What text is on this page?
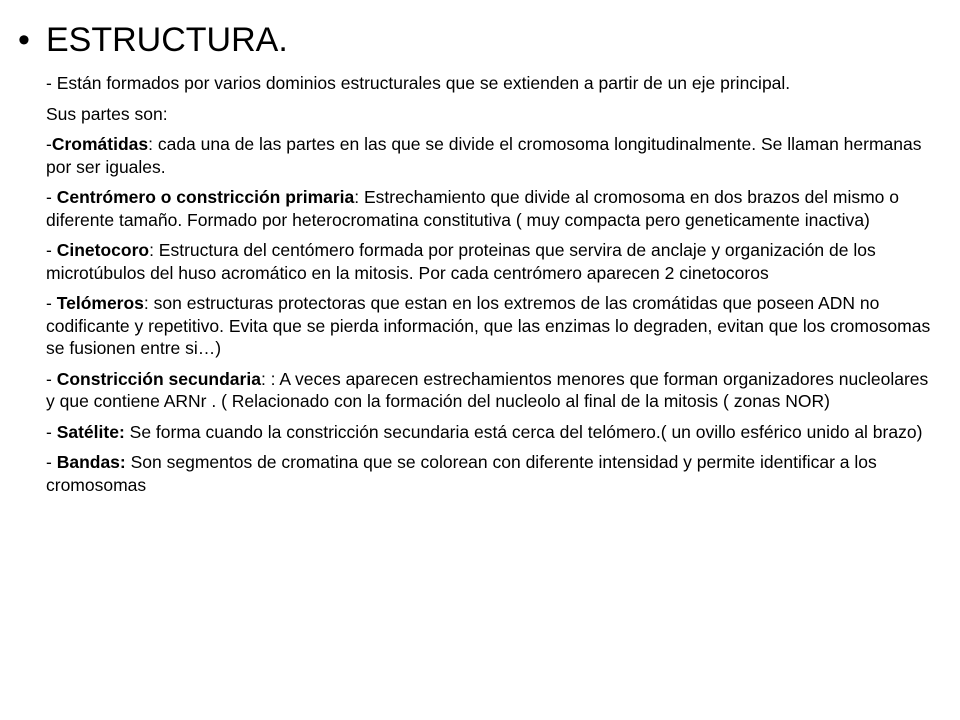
• ESTRUCTURA.

- Están formados por varios dominios estructurales que se extienden a partir de un eje principal.

Sus partes son:

-Cromátidas: cada una de las partes en las que se divide el cromosoma longitudinalmente. Se llaman hermanas por ser iguales.

- Centrómero o constricción primaria: Estrechamiento que divide al cromosoma en dos brazos del mismo o diferente tamaño. Formado por heterocromatina constitutiva ( muy compacta pero geneticamente inactiva)

- Cinetocoro: Estructura del centómero formada por proteinas que servira de anclaje y organización de los microtúbulos del huso acromático en la mitosis. Por cada centrómero aparecen 2 cinetocoros

- Telómeros: son estructuras protectoras que estan en los extremos de las cromátidas que poseen ADN no codificante y repetitivo. Evita que se pierda información, que las enzimas lo degraden, evitan que los cromosomas se fusionen entre si…)

- Constricción secundaria: : A veces aparecen estrechamientos menores que forman organizadores nucleolares y que contiene ARNr . ( Relacionado con la formación del nucleolo al final de la mitosis ( zonas NOR)

- Satélite: Se forma cuando la constricción secundaria está cerca del telómero.( un ovillo esférico unido al brazo)

- Bandas: Son segmentos de cromatina que se colorean con diferente intensidad y permite identificar a los cromosomas
